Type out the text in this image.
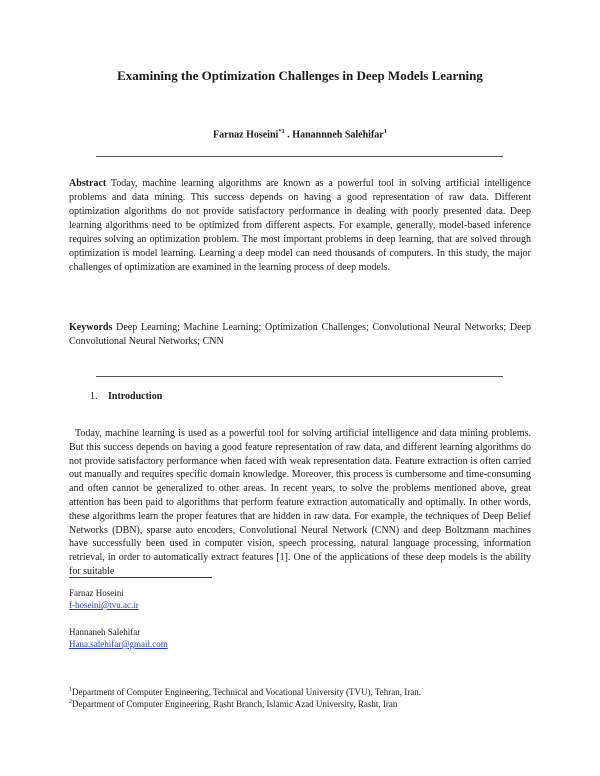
Examining the Optimization Challenges in Deep Models Learning
Farnaz Hoseini$^{*1}$ . Hanannneh Salehifar$^1$
Abstract Today, machine learning algorithms are known as a powerful tool in solving artificial intelligence problems and data mining. This success depends on having a good representation of raw data. Different optimization algorithms do not provide satisfactory performance in dealing with poorly presented data. Deep learning algorithms need to be optimized from different aspects. For example, generally, model-based inference requires solving an optimization problem. The most important problems in deep learning, that are solved through optimization is model learning. Learning a deep model can need thousands of computers. In this study, the major challenges of optimization are examined in the learning process of deep models.
Keywords Deep Learning; Machine Learning; Optimization Challenges; Convolutional Neural Networks; Deep Convolutional Neural Networks; CNN
1. Introduction
Today, machine learning is used as a powerful tool for solving artificial intelligence and data mining problems. But this success depends on having a good feature representation of raw data, and different learning algorithms do not provide satisfactory performance when faced with weak representation data. Feature extraction is often carried out manually and requires specific domain knowledge. Moreover, this process is cumbersome and time-consuming and often cannot be generalized to other areas. In recent years, to solve the problems mentioned above, great attention has been paid to algorithms that perform feature extraction automatically and optimally. In other words, these algorithms learn the proper features that are hidden in raw data. For example, the techniques of Deep Belief Networks (DBN), sparse auto encoders, Convolutional Neural Network (CNN) and deep Boltzmann machines have successfully been used in computer vision, speech processing, natural language processing, information retrieval, in order to automatically extract features [1]. One of the applications of these deep models is the ability for suitable
Farnaz Hoseini
f-hoseini@tvu.ac.ir
Hannaneh Salehifar
Hana.salehifar@gmail.com
$^1$Department of Computer Engineering, Technical and Vocational University (TVU), Tehran, Iran.
$^2$Department of Computer Engineering, Rasht Branch, Islamic Azad University, Rasht, Iran
